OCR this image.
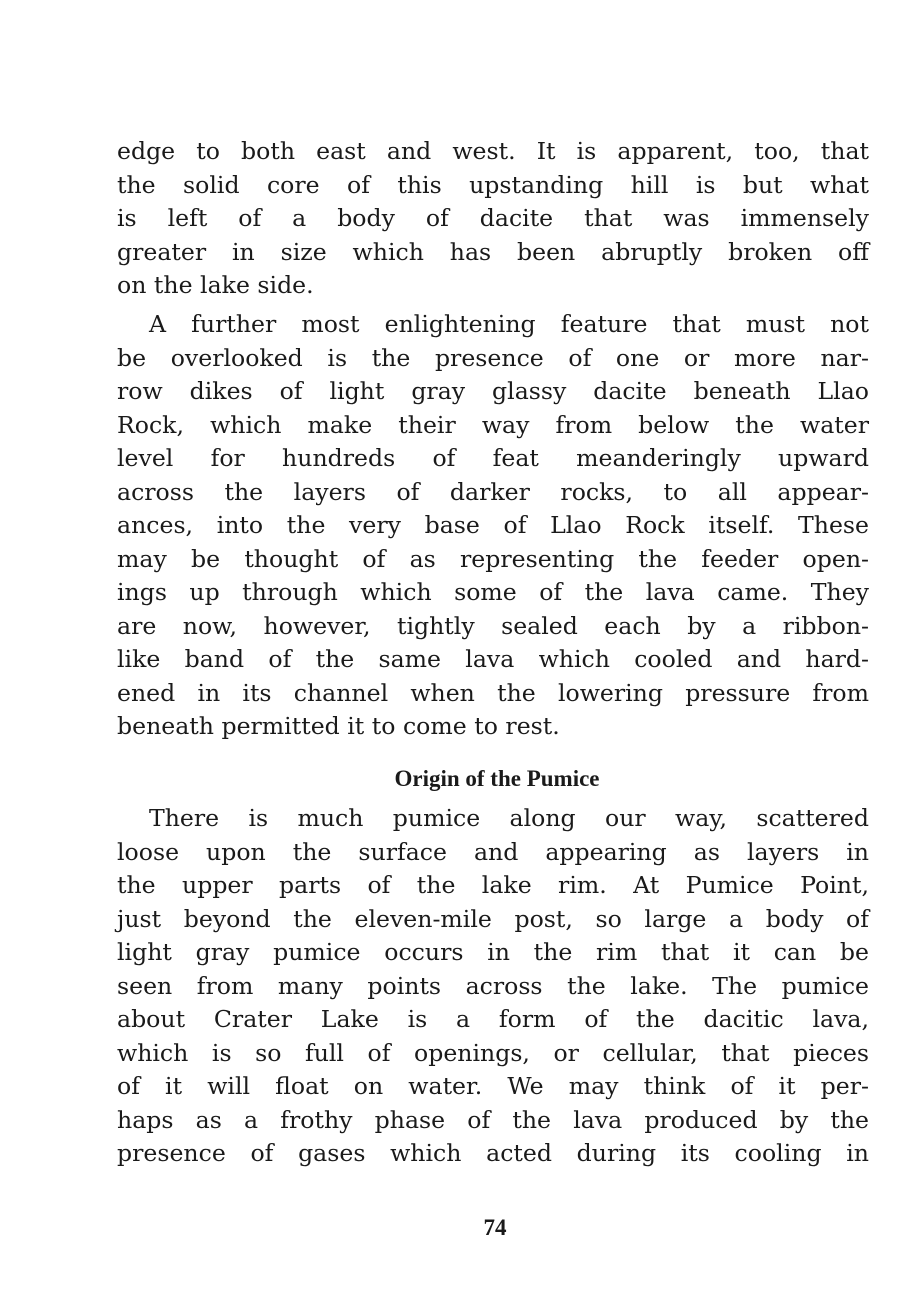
edge to both east and west. It is apparent, too, that
the solid core of this upstanding hill is but what
is left of a body of dacite that was immensely
greater in size which has been abruptly broken off
on the lake side.
A further most enlightening feature that must not
be overlooked is the presence of one or more nar-
row dikes of light gray glassy dacite beneath Llao
Rock, which make their way from below the water
level for hundreds of feat meanderingly upward
across the layers of darker rocks, to all appear-
ances, into the very base of Llao Rock itself. These
may be thought of as representing the feeder open-
ings up through which some of the lava came. They
are now, however, tightly sealed each by a ribbon-
like band of the same lava which cooled and hard-
ened in its channel when the lowering pressure from
beneath permitted it to come to rest.
Origin of the Pumice
There is much pumice along our way, scattered
loose upon the surface and appearing as layers in
the upper parts of the lake rim. At Pumice Point,
just beyond the eleven-mile post, so large a body of
light gray pumice occurs in the rim that it can be
seen from many points across the lake. The pumice
about Crater Lake is a form of the dacitic lava,
which is so full of openings, or cellular, that pieces
of it will float on water. We may think of it per-
haps as a frothy phase of the lava produced by the
presence of gases which acted during its cooling in
74
